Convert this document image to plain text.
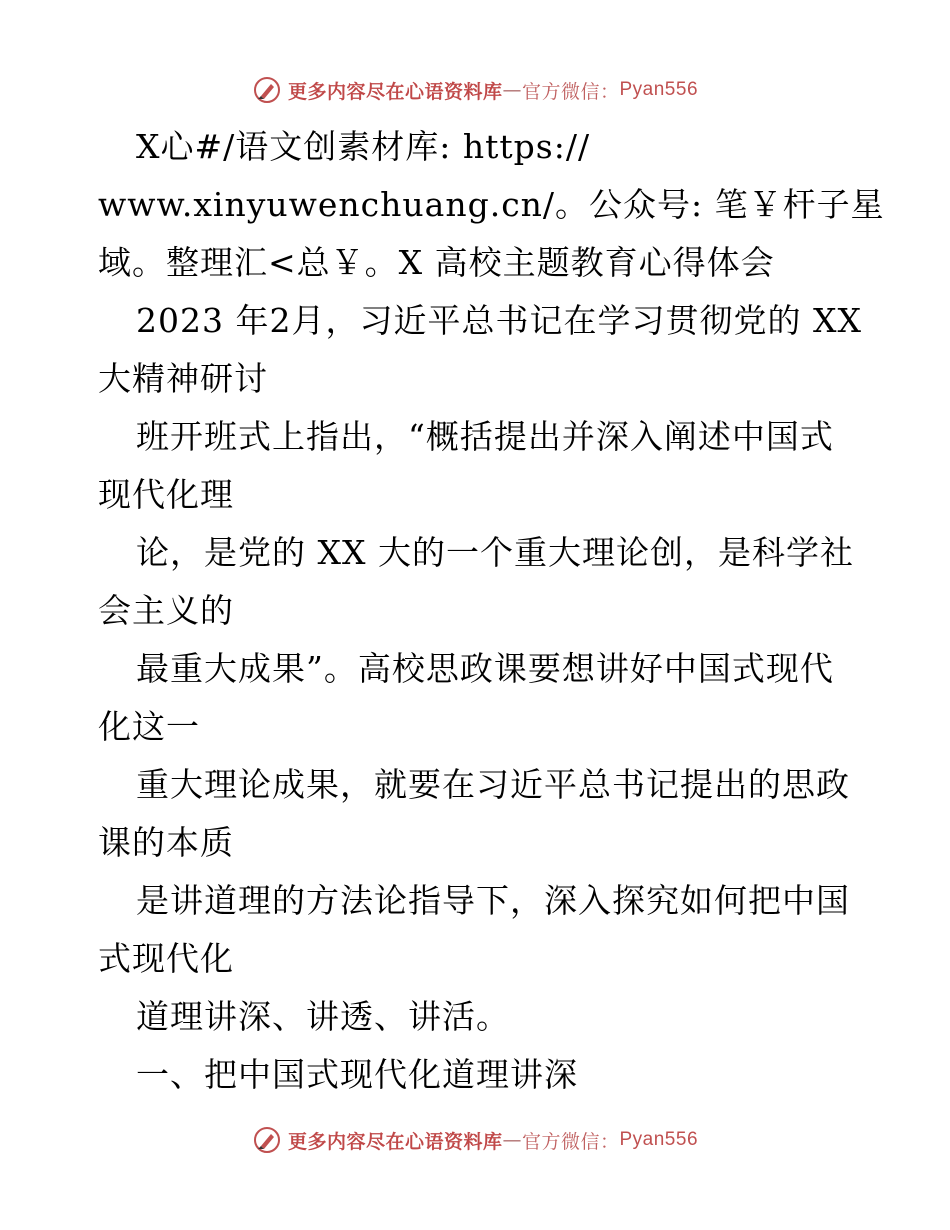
更多内容尽在心语资料库 — 官方微信： Pyan556
X心#/语文创素材库: https://
www.xinyuwenchuang.cn/。公众号: 笔￥杆子星
域。整理汇<总￥。X 高校主题教育心得体会
2023 年2月，习近平总书记在学习贯彻党的 XX
大精神研讨
班开班式上指出，“概括提出并深入阐述中国式
现代化理
论，是党的 XX 大的一个重大理论创，是科学社
会主义的
最重大成果”。高校思政课要想讲好中国式现代
化这一
重大理论成果，就要在习近平总书记提出的思政
课的本质
是讲道理的方法论指导下，深入探究如何把中国
式现代化
道理讲深、讲透、讲活。
一、把中国式现代化道理讲深
更多内容尽在心语资料库 — 官方微信： Pyan556
